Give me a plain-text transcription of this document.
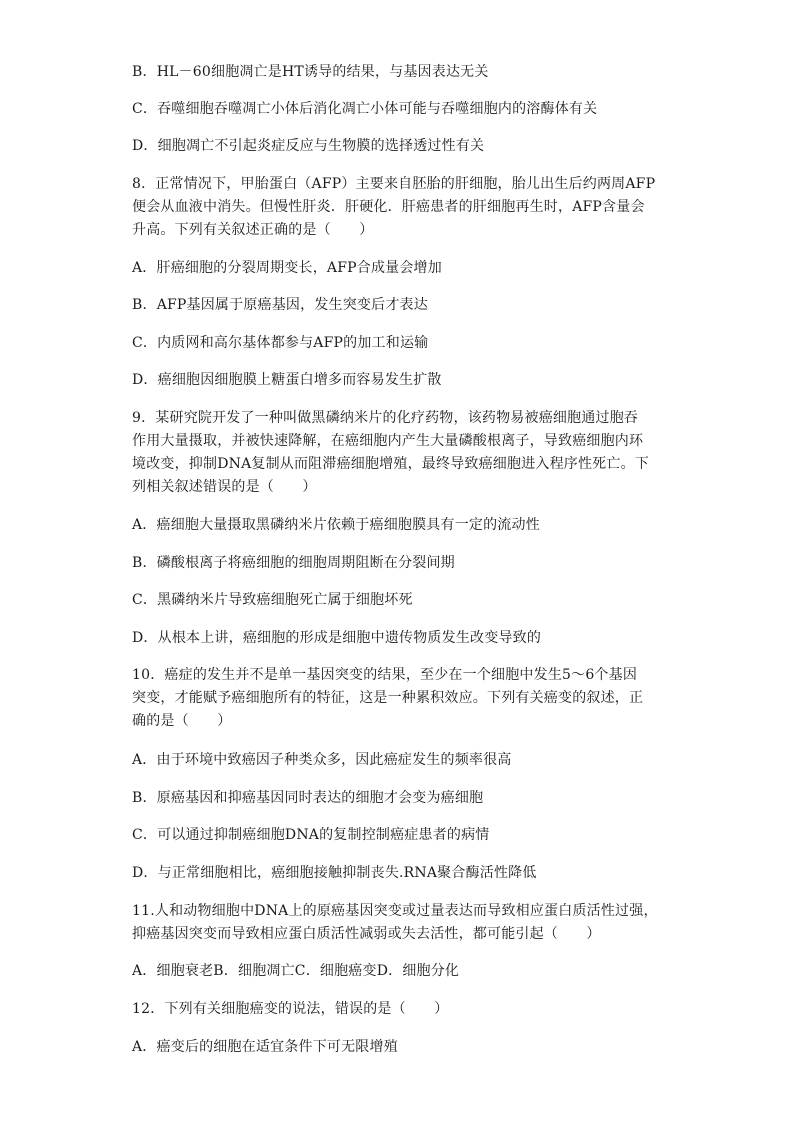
B．HL－60细胞凋亡是HT诱导的结果，与基因表达无关
C．吞噬细胞吞噬凋亡小体后消化凋亡小体可能与吞噬细胞内的溶酶体有关
D．细胞凋亡不引起炎症反应与生物膜的选择透过性有关
8．正常情况下，甲胎蛋白（AFP）主要来自胚胎的肝细胞，胎儿出生后约两周AFP
便会从血液中消失。但慢性肝炎．肝硬化．肝癌患者的肝细胞再生时，AFP含量会
升高。下列有关叙述正确的是（　　）
A．肝癌细胞的分裂周期变长，AFP合成量会增加
B．AFP基因属于原癌基因，发生突变后才表达
C．内质网和高尔基体都参与AFP的加工和运输
D．癌细胞因细胞膜上糖蛋白增多而容易发生扩散
9．某研究院开发了一种叫做黑磷纳米片的化疗药物，该药物易被癌细胞通过胞吞
作用大量摄取，并被快速降解，在癌细胞内产生大量磷酸根离子，导致癌细胞内环
境改变，抑制DNA复制从而阻滞癌细胞增殖，最终导致癌细胞进入程序性死亡。下
列相关叙述错误的是（　　）
A．癌细胞大量摄取黑磷纳米片依赖于癌细胞膜具有一定的流动性
B．磷酸根离子将癌细胞的细胞周期阻断在分裂间期
C．黑磷纳米片导致癌细胞死亡属于细胞坏死
D．从根本上讲，癌细胞的形成是细胞中遗传物质发生改变导致的
10．癌症的发生并不是单一基因突变的结果，至少在一个细胞中发生5～6个基因
突变，才能赋予癌细胞所有的特征，这是一种累积效应。下列有关癌变的叙述，正
确的是（　　）
A．由于环境中致癌因子种类众多，因此癌症发生的频率很高
B．原癌基因和抑癌基因同时表达的细胞才会变为癌细胞
C．可以通过抑制癌细胞DNA的复制控制癌症患者的病情
D．与正常细胞相比，癌细胞接触抑制丧失.RNA聚合酶活性降低
11.人和动物细胞中DNA上的原癌基因突变或过量表达而导致相应蛋白质活性过强，
抑癌基因突变而导致相应蛋白质活性减弱或失去活性，都可能引起（　　）
A．细胞衰老B．细胞凋亡C．细胞癌变D．细胞分化
12．下列有关细胞癌变的说法，错误的是（　　）
A．癌变后的细胞在适宜条件下可无限增殖
